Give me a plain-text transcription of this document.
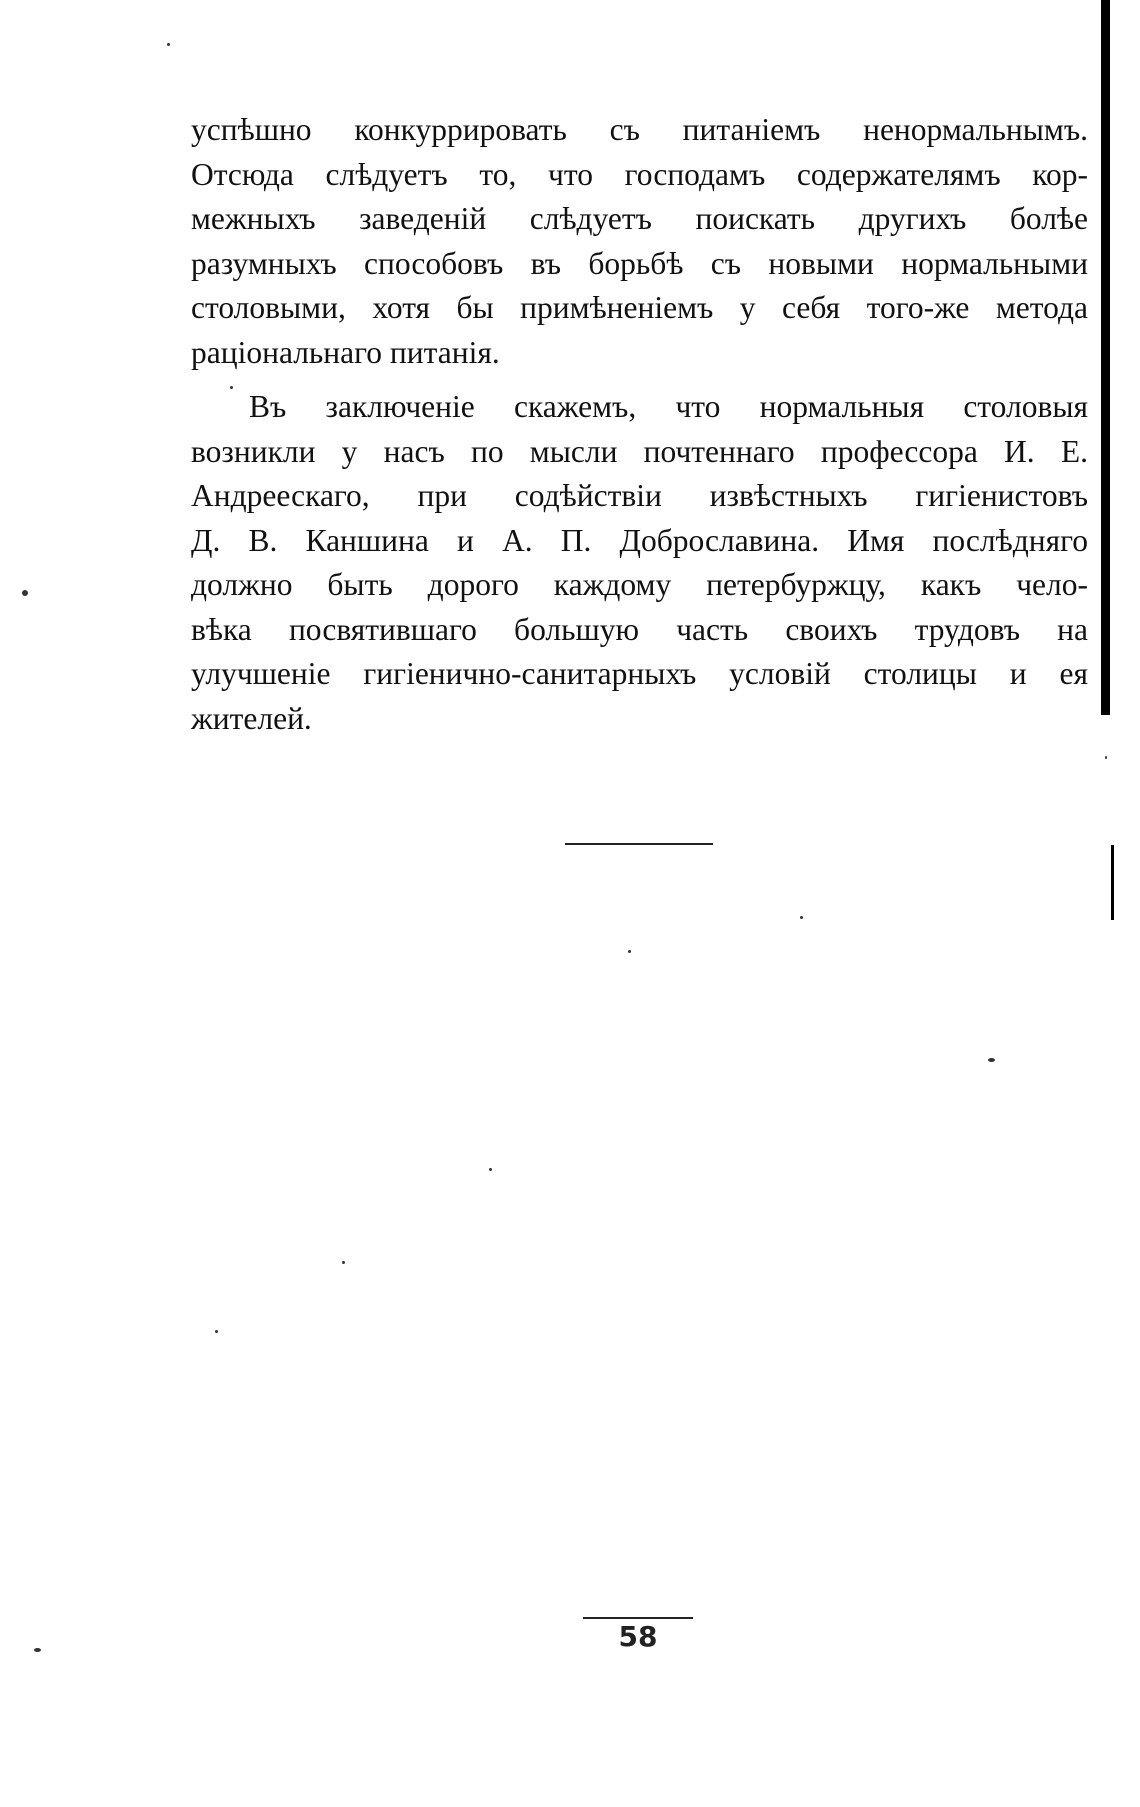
успѣшно конкуррировать съ питаніемъ ненормальнымъ.
Отсюда слѣдуетъ то, что господамъ содержателямъ кор-
межныхъ заведеній слѣдуетъ поискать другихъ болѣе
разумныхъ способовъ въ борьбѣ съ новыми нормальными
столовыми, хотя бы примѣненіемъ у себя того-же метода
раціональнаго питанія.
Въ заключеніе скажемъ, что нормальныя столовыя
возникли у насъ по мысли почтеннаго профессора И. Е.
Андреескаго, при содѣйствіи извѣстныхъ гигіенистовъ
Д. В. Каншина и А. П. Доброславина. Имя послѣдняго
должно быть дорого каждому петербуржцу, какъ чело-
вѣка посвятившаго большую часть своихъ трудовъ на
улучшеніе гигіенично-санитарныхъ условій столицы и ея
жителей.
58
